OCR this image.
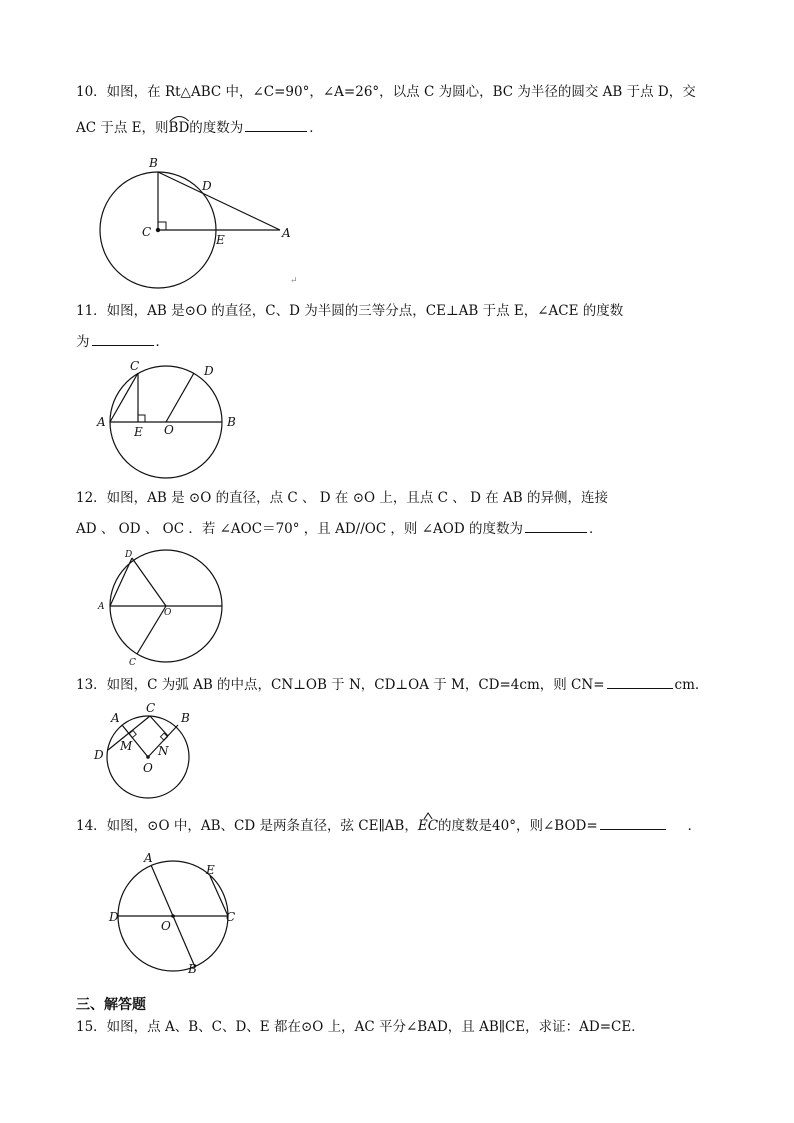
10．如图，在 Rt△ABC 中，∠C=90°，∠A=26°，以点 C 为圆心，BC 为半径的圆交 AB 于点 D，交
AC 于点 E，则
BD的度数为	．
B
D
C
E	A
↵
11．如图，AB 是⊙O 的直径，C、D 为半圆的三等分点，CE⊥AB 于点 E，∠ACE 的度数
为	．
C	D
A
E O
B
12．如图，AB 是 ⊙O 的直径，点 C 、 D 在 ⊙O 上，且点 C 、 D 在 AB 的异侧，连接
AD 、 OD 、 OC ．若 ∠AOC＝70° ，且 AD//OC ，则 ∠AOD 的度数为	．
D
A
O
C
13．如图，C 为弧 AB 的中点，CN⊥OB 于 N，CD⊥OA 于 M，CD=4cm，则 CN=	cm．
A
C
B
D
M N
O
14．如图，⊙O 中，AB、CD 是两条直径，弦 CE∥AB，
EC的度数是40°，则∠BOD=	．
A
E
D
O
C
B
三、解答题
15．如图，点 A、B、C、D、E 都在⊙O 上，AC 平分∠BAD，且 AB∥CE，求证：AD=CE．
